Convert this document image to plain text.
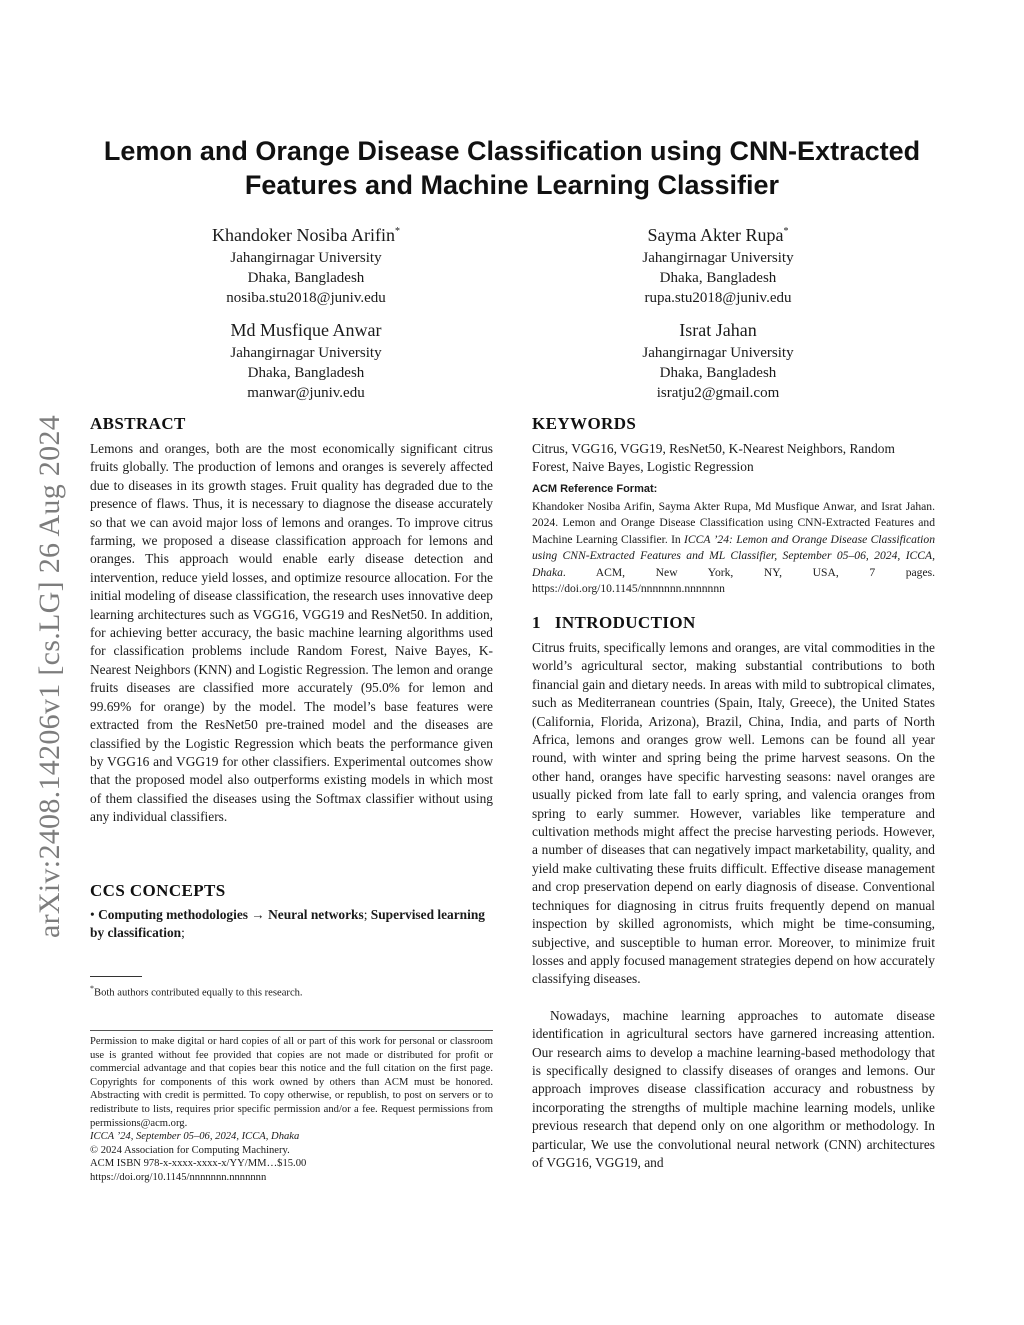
arXiv:2408.14206v1 [cs.LG] 26 Aug 2024
Lemon and Orange Disease Classification using CNN-Extracted
Features and Machine Learning Classifier
Khandoker Nosiba Arifin*
Jahangirnagar University
Dhaka, Bangladesh
nosiba.stu2018@juniv.edu
Sayma Akter Rupa*
Jahangirnagar University
Dhaka, Bangladesh
rupa.stu2018@juniv.edu
Md Musfique Anwar
Jahangirnagar University
Dhaka, Bangladesh
manwar@juniv.edu
Israt Jahan
Jahangirnagar University
Dhaka, Bangladesh
isratju2@gmail.com
ABSTRACT

Lemons and oranges, both are the most economically significant citrus fruits globally. The production of lemons and oranges is severely affected due to diseases in its growth stages. Fruit quality has degraded due to the presence of flaws. Thus, it is necessary to diagnose the disease accurately so that we can avoid major loss of lemons and oranges. To improve citrus farming, we proposed a disease classification approach for lemons and oranges. This approach would enable early disease detection and intervention, reduce yield losses, and optimize resource allocation. For the initial modeling of disease classification, the research uses innovative deep learning architectures such as VGG16, VGG19 and ResNet50. In addition, for achieving better accuracy, the basic machine learning algorithms used for classification problems include Random Forest, Naive Bayes, K-Nearest Neighbors (KNN) and Logistic Regression. The lemon and orange fruits diseases are classified more accurately (95.0% for lemon and 99.69% for orange) by the model. The model’s base features were extracted from the ResNet50 pre-trained model and the diseases are classified by the Logistic Regression which beats the performance given by VGG16 and VGG19 for other classifiers. Experimental outcomes show that the proposed model also outperforms existing models in which most of them classified the diseases using the Softmax classifier without using any individual classifiers.

CCS CONCEPTS

• Computing methodologies → Neural networks; Supervised learning by classification;

*Both authors contributed equally to this research.
Permission to make digital or hard copies of all or part of this work for personal or classroom use is granted without fee provided that copies are not made or distributed for profit or commercial advantage and that copies bear this notice and the full citation on the first page. Copyrights for components of this work owned by others than ACM must be honored. Abstracting with credit is permitted. To copy otherwise, or republish, to post on servers or to redistribute to lists, requires prior specific permission and/or a fee. Request permissions from permissions@acm.org.
ICCA ’24, September 05–06, 2024, ICCA, Dhaka
© 2024 Association for Computing Machinery.
ACM ISBN 978-x-xxxx-xxxx-x/YY/MM…$15.00
https://doi.org/10.1145/nnnnnnn.nnnnnnn
KEYWORDS

Citrus, VGG16, VGG19, ResNet50, K-Nearest Neighbors, Random Forest, Naive Bayes, Logistic Regression

ACM Reference Format:

Khandoker Nosiba Arifin, Sayma Akter Rupa, Md Musfique Anwar, and Israt Jahan. 2024. Lemon and Orange Disease Classification using CNN-Extracted Features and Machine Learning Classifier. In ICCA ’24: Lemon and Orange Disease Classification using CNN-Extracted Features and ML Classifier, September 05–06, 2024, ICCA, Dhaka. ACM, New York, NY, USA, 7 pages. https://doi.org/10.1145/nnnnnnn.nnnnnnn

1   INTRODUCTION

Citrus fruits, specifically lemons and oranges, are vital commodities in the world’s agricultural sector, making substantial contributions to both financial gain and dietary needs. In areas with mild to subtropical climates, such as Mediterranean countries (Spain, Italy, Greece), the United States (California, Florida, Arizona), Brazil, China, India, and parts of North Africa, lemons and oranges grow well. Lemons can be found all year round, with winter and spring being the prime harvest seasons. On the other hand, oranges have specific harvesting seasons: navel oranges are usually picked from late fall to early spring, and valencia oranges from spring to early summer. However, variables like temperature and cultivation methods might affect the precise harvesting periods. However, a number of diseases that can negatively impact marketability, quality, and yield make cultivating these fruits difficult. Effective disease management and crop preservation depend on early diagnosis of disease. Conventional techniques for diagnosing in citrus fruits frequently depend on manual inspection by skilled agronomists, which might be time-consuming, subjective, and susceptible to human error. Moreover, to minimize fruit losses and apply focused management strategies depend on how accurately classifying diseases.

Nowadays, machine learning approaches to automate disease identification in agricultural sectors have garnered increasing attention. Our research aims to develop a machine learning-based methodology that is specifically designed to classify diseases of oranges and lemons. Our approach improves disease classification accuracy and robustness by incorporating the strengths of multiple machine learning models, unlike previous research that depend only on one algorithm or methodology. In particular, We use the convolutional neural network (CNN) architectures of VGG16, VGG19, and
